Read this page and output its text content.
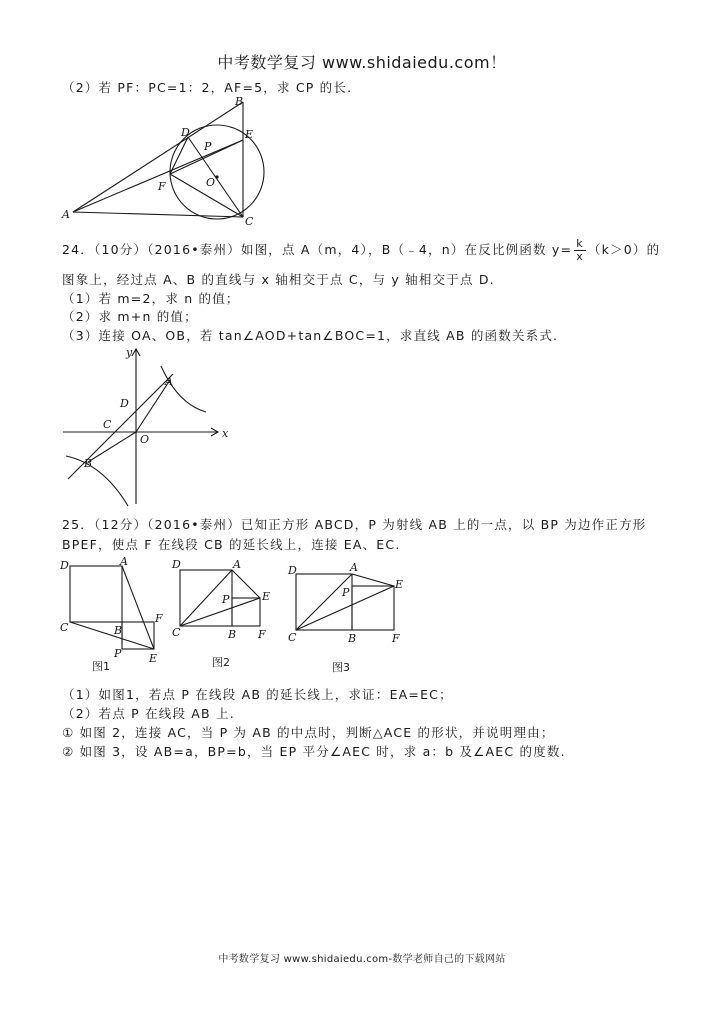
中考数学复习 www.shidaiedu.com！
（2）若 PF：PC=1：2，AF=5，求 CP 的长.
B
D	E
P
O
F
A
C
24．（10分）（2016•泰州）如图，点 A（m，4），B（﹣4，n）在反比例函数 $y= \frac{k}{x} (k>0)$的
图象上，经过点 A、B 的直线与 x 轴相交于点 C，与 y 轴相交于点 D.
（1）若 m=2，求 n 的值；
（2）求 m+n 的值；
（3）连接 OA、OB，若 tan∠AOD+tan∠BOC=1，求直线 AB 的函数关系式.
y
A
D
C
O	x
B
25．（12分）（2016•泰州）已知正方形 ABCD，P 为射线 AB 上的一点，以 BP 为边作正方形
BPEF，使点 F 在线段 CB 的延长线上，连接 EA、EC.
D	A
C	B
F
P	E
图1
D	A
P	E
C	B F
图2
D	A
P
E
C	B	F
图3
（1）如图1，若点 P 在线段 AB 的延长线上，求证：EA=EC；
（2）若点 P 在线段 AB 上.
① 如图 2，连接 AC，当 P 为 AB 的中点时，判断△ACE 的形状，并说明理由；
② 如图 3，设 AB=a，BP=b，当 EP 平分∠AEC 时，求 a：b 及∠AEC 的度数.
中考数学复习 www.shidaiedu.com-数学老师自己的下载网站
